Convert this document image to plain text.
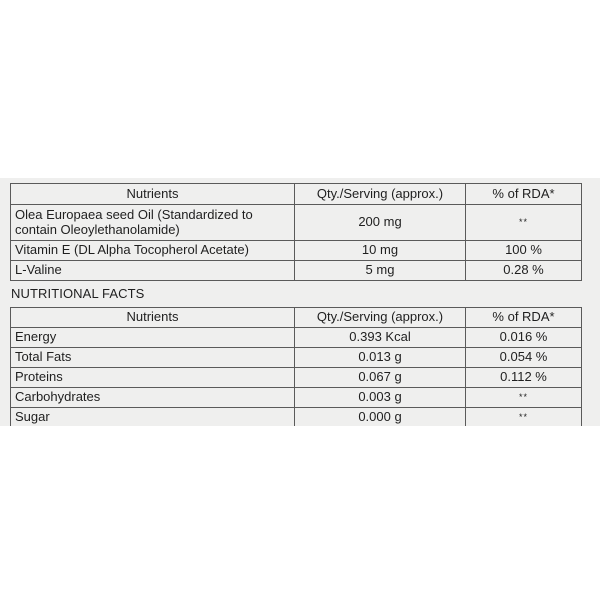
Nutrients	Qty./Serving (approx.)	% of RDA*
Olea Europaea seed Oil (Standardized to contain Oleoylethanolamide)	200 mg	**
Vitamin E (DL Alpha Tocopherol Acetate)	10 mg	100 %
L-Valine	5 mg	0.28 %
NUTRITIONAL FACTS
Nutrients	Qty./Serving (approx.)	% of RDA*
Energy	0.393 Kcal	0.016 %
Total Fats	0.013 g	0.054 %
Proteins	0.067 g	0.112 %
Carbohydrates	0.003 g	**
Sugar	0.000 g	**
